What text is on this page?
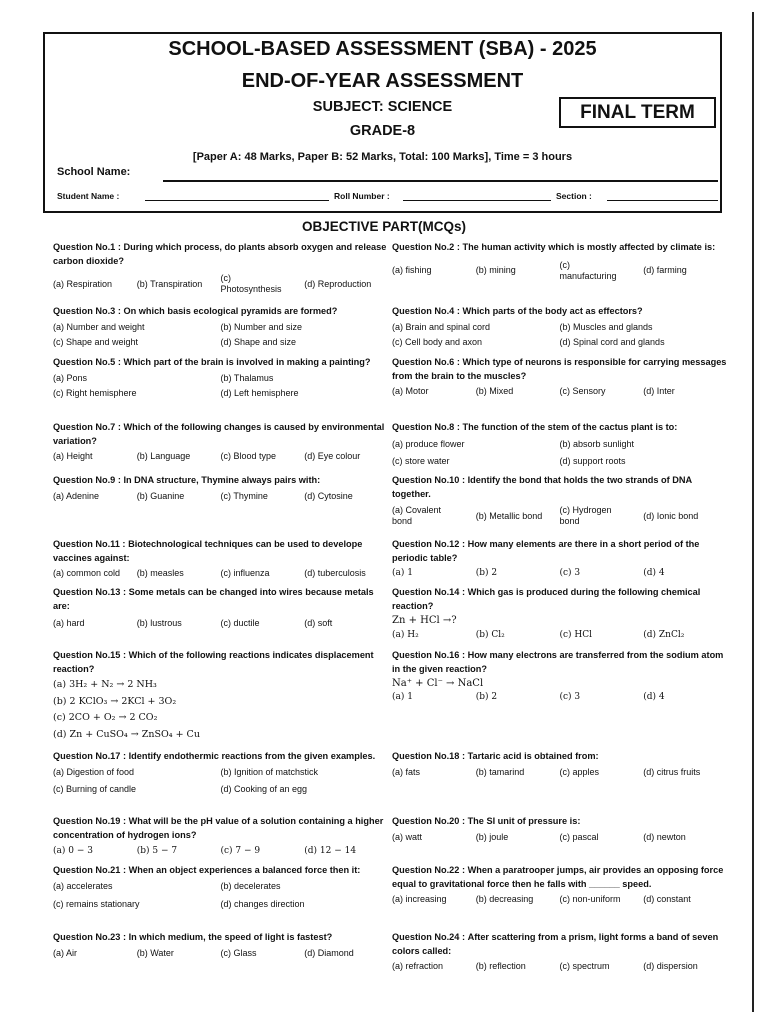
SCHOOL-BASED ASSESSMENT (SBA) - 2025
END-OF-YEAR ASSESSMENT
SUBJECT: SCIENCE
GRADE-8
FINAL TERM
[Paper A: 48 Marks, Paper B: 52 Marks, Total: 100 Marks], Time = 3 hours
School Name:
Student Name :	Roll Number :	Section :
OBJECTIVE PART(MCQs)
Question No.1 : During which process, do plants absorb oxygen and release carbon dioxide?
(a) Respiration	(b) Transpiration
(c) Photosynthesis
(d) Reproduction
Question No.2 : The human activity which is mostly affected by climate is:
(a) fishing	(b) mining
(c) manufacturing
(d) farming
Question No.3 : On which basis ecological pyramids are formed?
(a) Number and weight	(b) Number and size
(c) Shape and weight	(d) Shape and size
Question No.4 : Which parts of the body act as effectors?
(a) Brain and spinal cord	(b) Muscles and glands
(c) Cell body and axon	(d) Spinal cord and glands
Question No.5 : Which part of the brain is involved in making a painting?
(a) Pons	(b) Thalamus
(c) Right hemisphere	(d) Left hemisphere
Question No.6 : Which type of neurons is responsible for carrying messages from the brain to the muscles?
(a) Motor	(b) Mixed	(c) Sensory	(d) Inter
Question No.7 : Which of the following changes is caused by environmental variation?
(a) Height	(b) Language	(c) Blood type	(d) Eye colour
Question No.8 : The function of the stem of the cactus plant is to:
(a) produce flower	(b) absorb sunlight
(c) store water	(d) support roots
Question No.9 : In DNA structure, Thymine always pairs with:
(a) Adenine	(b) Guanine	(c) Thymine	(d) Cytosine
Question No.10 : Identify the bond that holds the two strands of DNA together.
(a) Covalent bond
(b) Metallic bond
(c) Hydrogen bond
(d) Ionic bond
Question No.11 : Biotechnological techniques can be used to develope vaccines against:
(a) common cold	(b) measles	(c) influenza	(d) tuberculosis
Question No.12 : How many elements are there in a short period of the periodic table?
(a) 1	(b) 2	(c) 3	(d) 4
Question No.13 : Some metals can be changed into wires because metals are:
(a) hard	(b) lustrous	(c) ductile	(d) soft
Question No.14 : Which gas is produced during the following chemical reaction?
Zn + HCl →?
(a) H₂	(b) Cl₂	(c) HCl	(d) ZnCl₂
Question No.15 : Which of the following reactions indicates displacement reaction?
(a) 3H₂ + N₂ → 2 NH₃
(b) 2 KClO₃ → 2KCl + 3O₂
(c) 2CO + O₂ → 2 CO₂
(d) Zn + CuSO₄ → ZnSO₄ + Cu
Question No.16 : How many electrons are transferred from the sodium atom in the given reaction?
Na⁺ + Cl⁻ → NaCl
(a) 1	(b) 2	(c) 3	(d) 4
Question No.17 : Identify endothermic reactions from the given examples.
(a) Digestion of food	(b) Ignition of matchstick
(c) Burning of candle	(d) Cooking of an egg
Question No.18 : Tartaric acid is obtained from:
(a) fats	(b) tamarind	(c) apples	(d) citrus fruits
Question No.19 : What will be the pH value of a solution containing a higher concentration of hydrogen ions?
(a) 0 − 3	(b) 5 − 7	(c) 7 − 9	(d) 12 − 14
Question No.20 : The SI unit of pressure is:
(a) watt	(b) joule	(c) pascal	(d) newton
Question No.21 : When an object experiences a balanced force then it:
(a) accelerates	(b) decelerates
(c) remains stationary	(d) changes direction
Question No.22 : When a paratrooper jumps, air provides an opposing force equal to gravitational force then he falls with ______ speed.
(a) increasing	(b) decreasing	(c) non-uniform	(d) constant
Question No.23 : In which medium, the speed of light is fastest?
(a) Air	(b) Water	(c) Glass	(d) Diamond
Question No.24 : After scattering from a prism, light forms a band of seven colors called:
(a) refraction	(b) reflection	(c) spectrum	(d) dispersion
